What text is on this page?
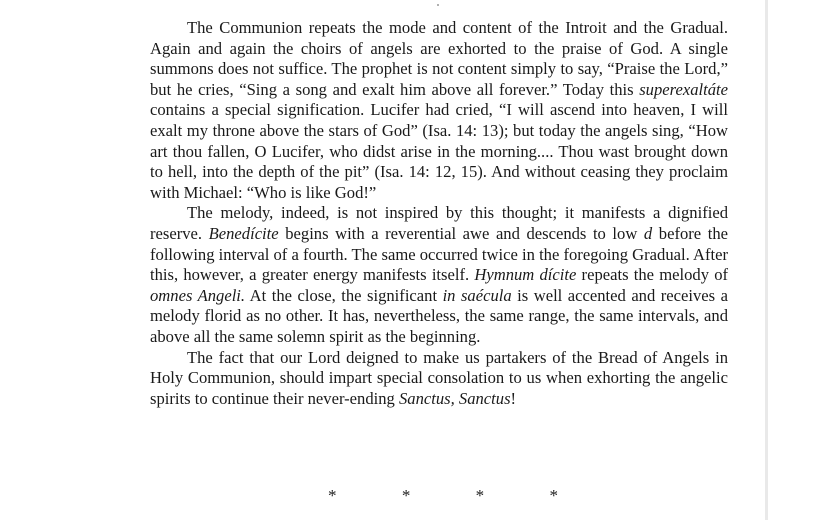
The Communion repeats the mode and content of the Introit and the Gradual. Again and again the choirs of angels are exhorted to the praise of God. A single summons does not suffice. The prophet is not content simply to say, “Praise the Lord,” but he cries, “Sing a song and exalt him above all forever.” Today this superexaltáte contains a special signification. Lucifer had cried, “I will ascend into heaven, I will exalt my throne above the stars of God” (Isa. 14: 13); but today the angels sing, “How art thou fallen, O Lucifer, who didst arise in the morning.... Thou wast brought down to hell, into the depth of the pit” (Isa. 14: 12, 15). And without ceasing they proclaim with Michael: “Who is like God!”

The melody, indeed, is not inspired by this thought; it manifests a dignified reserve. Benedícite begins with a reverential awe and descends to low d before the following interval of a fourth. The same occurred twice in the foregoing Gradual. After this, however, a greater energy manifests itself. Hymnum dícite repeats the melody of omnes Angeli. At the close, the significant in saécula is well accented and receives a melody florid as no other. It has, nevertheless, the same range, the same intervals, and above all the same solemn spirit as the beginning.

The fact that our Lord deigned to make us partakers of the Bread of Angels in Holy Communion, should impart special consolation to us when exhorting the angelic spirits to continue their never-ending Sanctus, Sanctus!

*	*	*	*
